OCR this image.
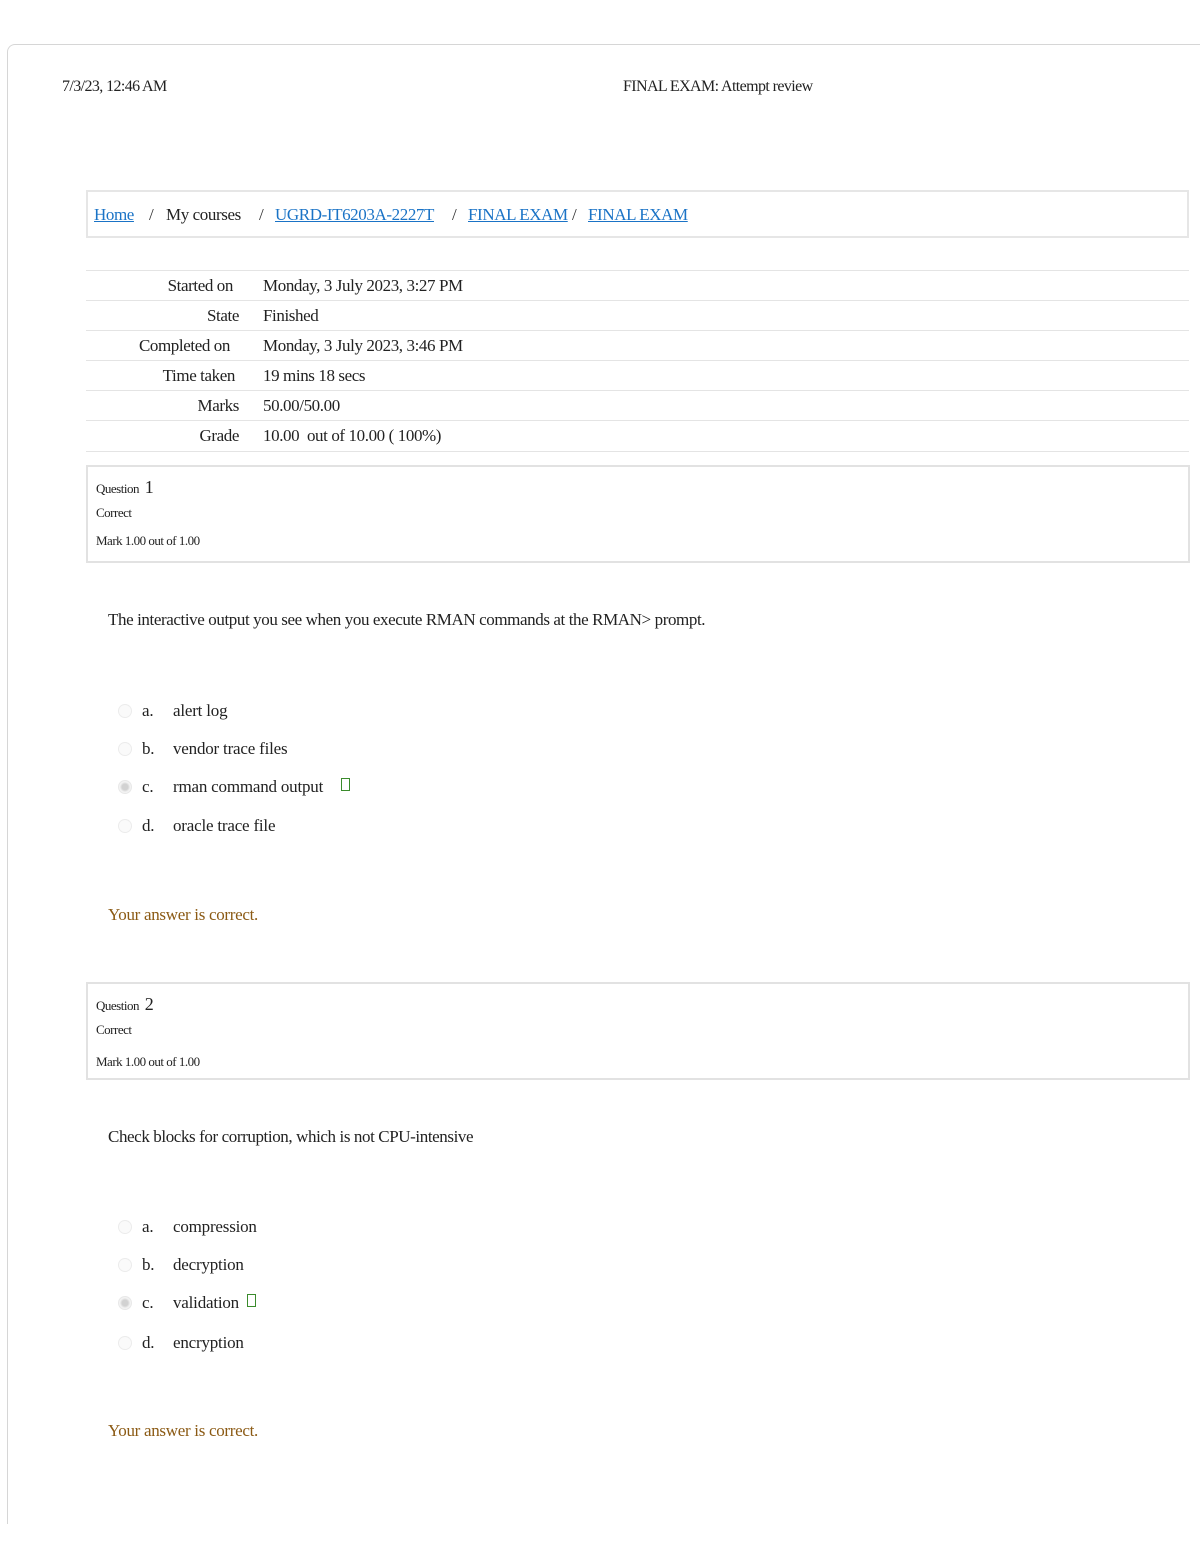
7/3/23, 12:46 AM	FINAL EXAM: Attempt review
Home / My courses / UGRD-IT6203A-2227T / FINAL EXAM / FINAL EXAM
Started on Monday, 3 July 2023, 3:27 PM
State Finished
Completed on Monday, 3 July 2023, 3:46 PM
Time taken 19 mins 18 secs
Marks 50.00/50.00
Grade 10.00  out of 10.00 ( 100%)
Question 1
Correct
Mark 1.00 out of 1.00
The interactive output you see when you execute RMAN commands at the RMAN> prompt.
a. alert log
b. vendor trace files
c. rman command output
d. oracle trace file
Your answer is correct.
Question 2
Correct
Mark 1.00 out of 1.00
Check blocks for corruption, which is not CPU-intensive
a. compression
b. decryption
c. validation
d. encryption
Your answer is correct.
